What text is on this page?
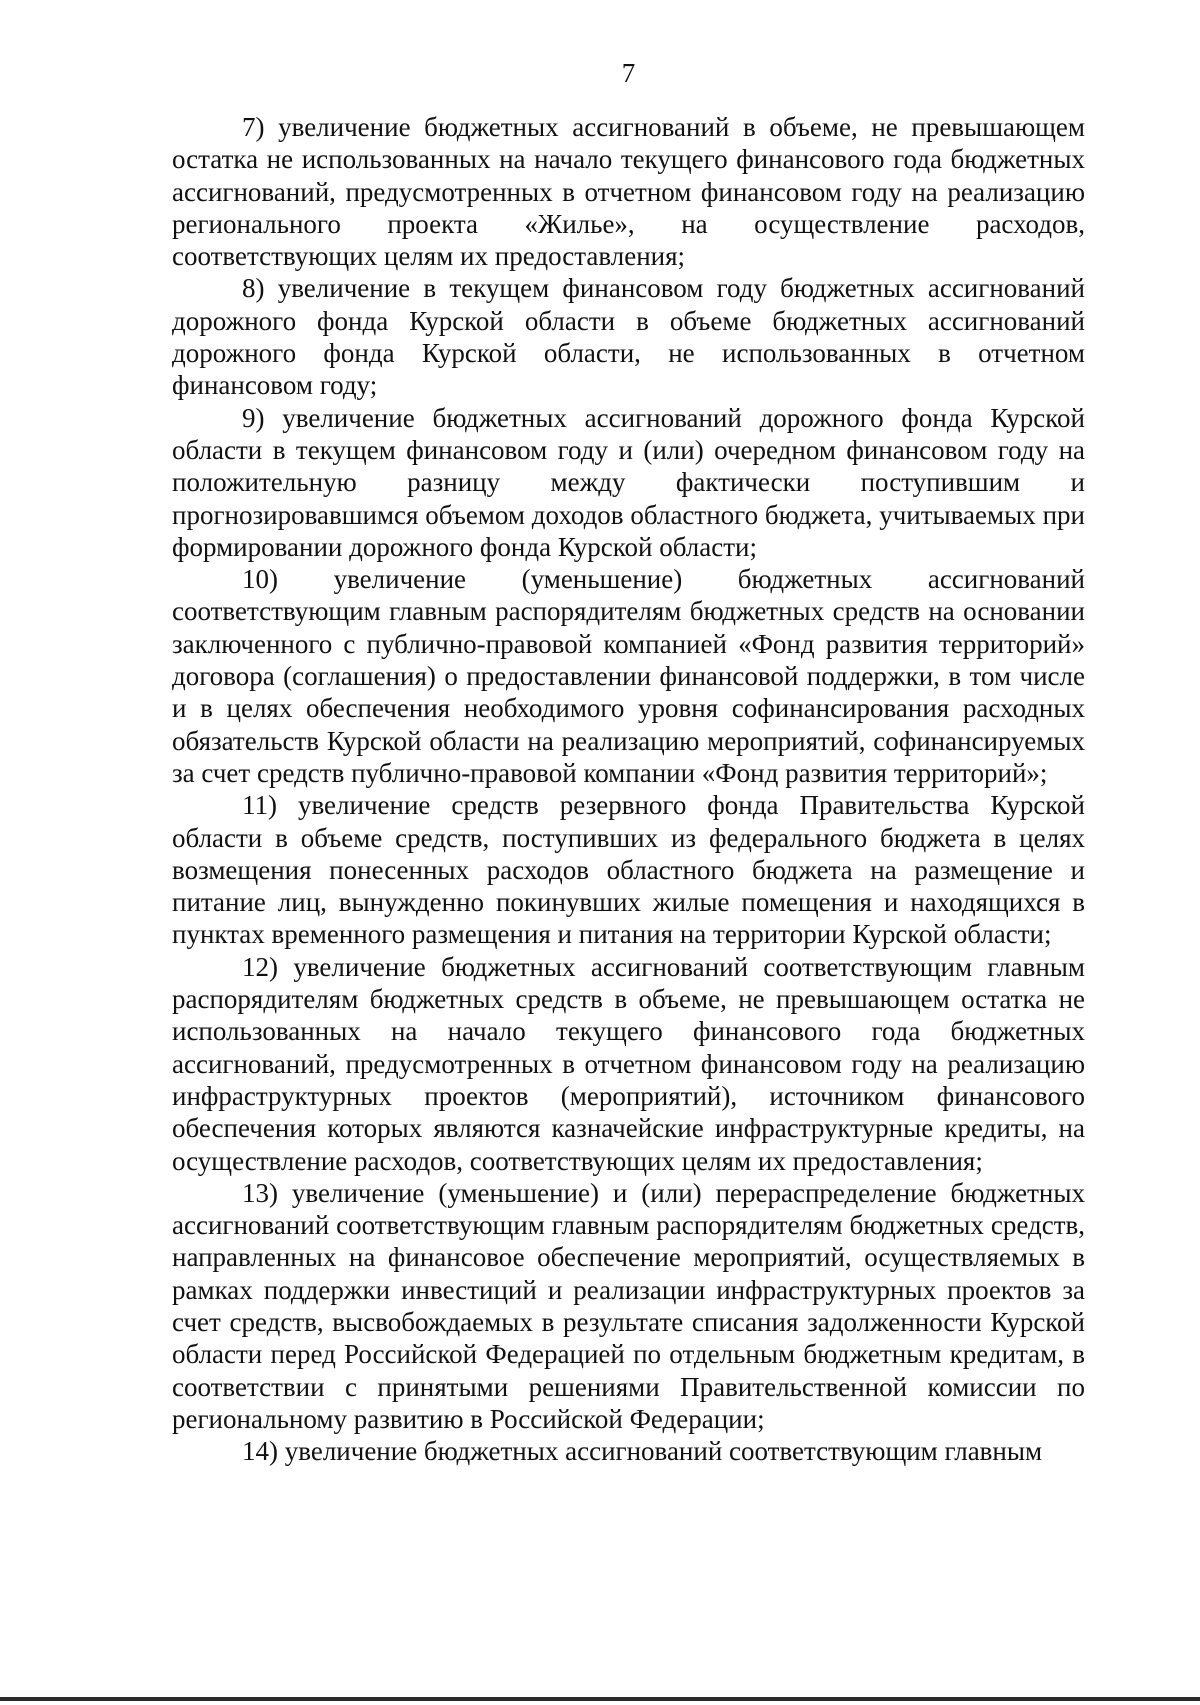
7

7) увеличение бюджетных ассигнований в объеме, не превышающем остатка не использованных на начало текущего финансового года бюджетных ассигнований, предусмотренных в отчетном финансовом году на реализацию регионального проекта «Жилье», на осуществление расходов, соответствующих целям их предоставления;

8) увеличение в текущем финансовом году бюджетных ассигнований дорожного фонда Курской области в объеме бюджетных ассигнований дорожного фонда Курской области, не использованных в отчетном финансовом году;

9) увеличение бюджетных ассигнований дорожного фонда Курской области в текущем финансовом году и (или) очередном финансовом году на положительную разницу между фактически поступившим и прогнозировавшимся объемом доходов областного бюджета, учитываемых при формировании дорожного фонда Курской области;

10) увеличение (уменьшение) бюджетных ассигнований соответствующим главным распорядителям бюджетных средств на основании заключенного с публично-правовой компанией «Фонд развития территорий» договора (соглашения) о предоставлении финансовой поддержки, в том числе и в целях обеспечения необходимого уровня софинансирования расходных обязательств Курской области на реализацию мероприятий, софинансируемых за счет средств публично-правовой компании «Фонд развития территорий»;

11) увеличение средств резервного фонда Правительства Курской области в объеме средств, поступивших из федерального бюджета в целях возмещения понесенных расходов областного бюджета на размещение и питание лиц, вынужденно покинувших жилые помещения и находящихся в пунктах временного размещения и питания на территории Курской области;

12) увеличение бюджетных ассигнований соответствующим главным распорядителям бюджетных средств в объеме, не превышающем остатка не использованных на начало текущего финансового года бюджетных ассигнований, предусмотренных в отчетном финансовом году на реализацию инфраструктурных проектов (мероприятий), источником финансового обеспечения которых являются казначейские инфраструктурные кредиты, на осуществление расходов, соответствующих целям их предоставления;

13) увеличение (уменьшение) и (или) перераспределение бюджетных ассигнований соответствующим главным распорядителям бюджетных средств, направленных на финансовое обеспечение мероприятий, осуществляемых в рамках поддержки инвестиций и реализации инфраструктурных проектов за счет средств, высвобождаемых в результате списания задолженности Курской области перед Российской Федерацией по отдельным бюджетным кредитам, в соответствии с принятыми решениями Правительственной комиссии по региональному развитию в Российской Федерации;

14) увеличение бюджетных ассигнований соответствующим главным
